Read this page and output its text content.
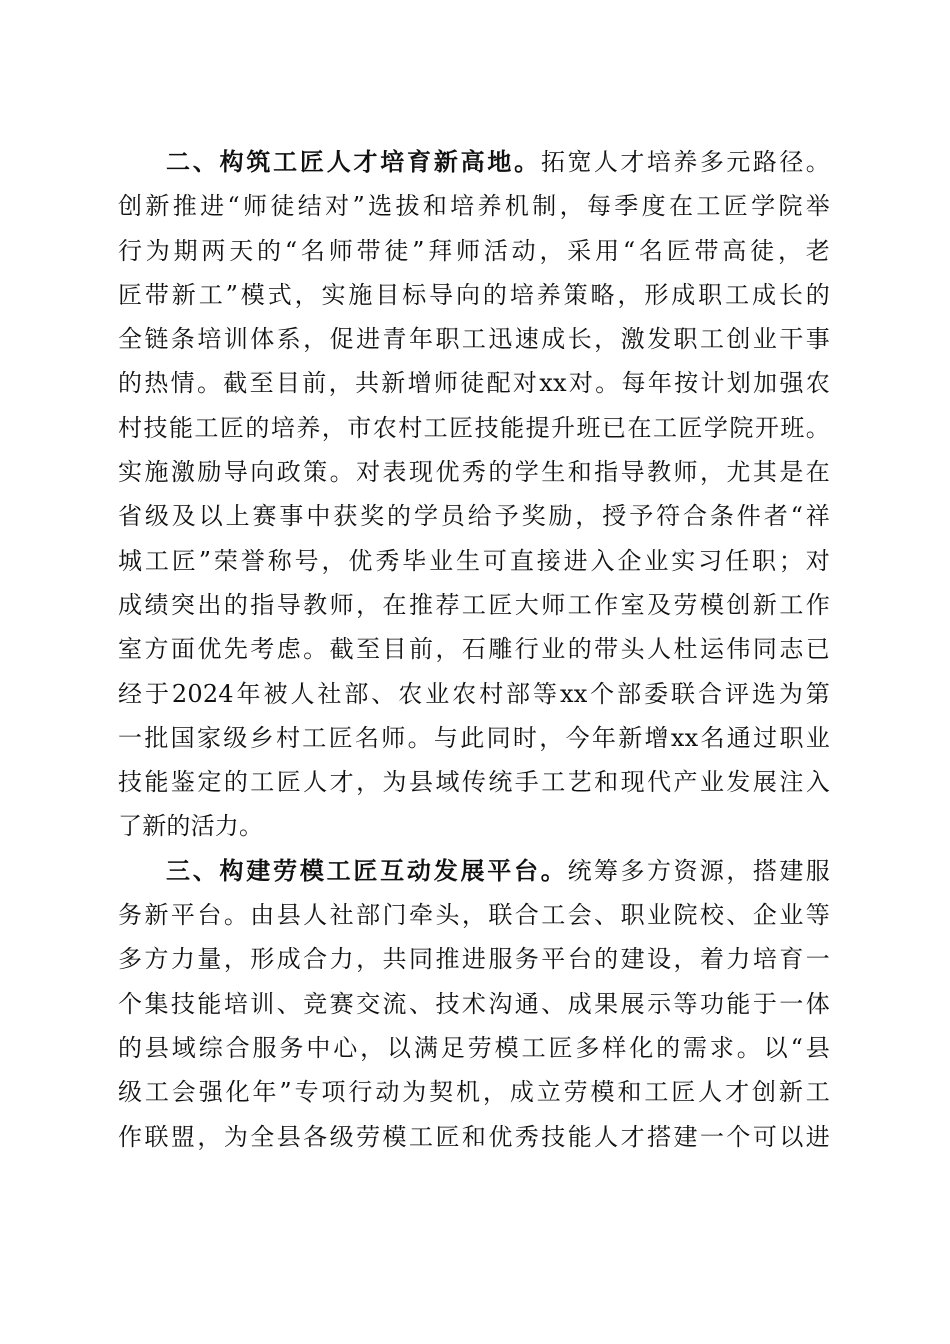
二、构筑工匠人才培育新高地。拓宽人才培养多元路径。
创新推进“师徒结对”选拔和培养机制，每季度在工匠学院举
行为期两天的“名师带徒”拜师活动，采用“名匠带高徒，老
匠带新工”模式，实施目标导向的培养策略，形成职工成长的
全链条培训体系，促进青年职工迅速成长，激发职工创业干事
的热情。截至目前，共新增师徒配对xx对。每年按计划加强农
村技能工匠的培养，市农村工匠技能提升班已在工匠学院开班。
实施激励导向政策。对表现优秀的学生和指导教师，尤其是在
省级及以上赛事中获奖的学员给予奖励，授予符合条件者“祥
城工匠”荣誉称号，优秀毕业生可直接进入企业实习任职；对
成绩突出的指导教师，在推荐工匠大师工作室及劳模创新工作
室方面优先考虑。截至目前，石雕行业的带头人杜运伟同志已
经于2024年被人社部、农业农村部等xx个部委联合评选为第
一批国家级乡村工匠名师。与此同时，今年新增xx名通过职业
技能鉴定的工匠人才，为县域传统手工艺和现代产业发展注入
了新的活力。
三、构建劳模工匠互动发展平台。统筹多方资源，搭建服
务新平台。由县人社部门牵头，联合工会、职业院校、企业等
多方力量，形成合力，共同推进服务平台的建设，着力培育一
个集技能培训、竞赛交流、技术沟通、成果展示等功能于一体
的县域综合服务中心，以满足劳模工匠多样化的需求。以“县
级工会强化年”专项行动为契机，成立劳模和工匠人才创新工
作联盟，为全县各级劳模工匠和优秀技能人才搭建一个可以进
